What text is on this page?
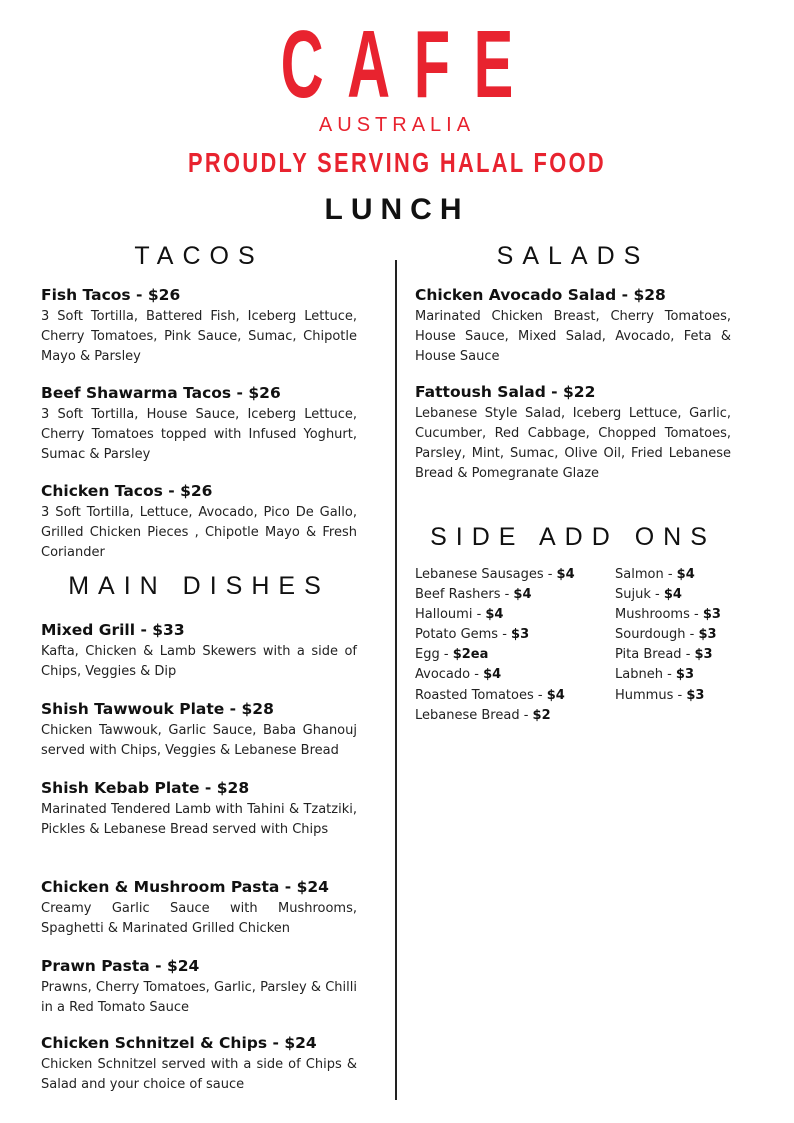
CAFE
AUSTRALIA
PROUDLY SERVING HALAL FOOD
LUNCH
TACOS
Fish Tacos - $26
3 Soft Tortilla, Battered Fish, Iceberg Lettuce, Cherry Tomatoes, Pink Sauce, Sumac, Chipotle Mayo & Parsley
Beef Shawarma Tacos - $26
3 Soft Tortilla, House Sauce, Iceberg Lettuce, Cherry Tomatoes topped with Infused Yoghurt, Sumac & Parsley
Chicken Tacos - $26
3 Soft Tortilla, Lettuce, Avocado, Pico De Gallo, Grilled Chicken Pieces , Chipotle Mayo & Fresh Coriander
MAIN DISHES
Mixed Grill - $33
Kafta, Chicken & Lamb Skewers with a side of Chips, Veggies & Dip
Shish Tawwouk Plate - $28
Chicken Tawwouk, Garlic Sauce, Baba Ghanouj served with Chips, Veggies & Lebanese Bread
Shish Kebab Plate - $28
Marinated Tendered Lamb with Tahini & Tzatziki, Pickles & Lebanese Bread served with Chips
Chicken & Mushroom Pasta - $24
Creamy Garlic Sauce with Mushrooms, Spaghetti & Marinated Grilled Chicken
Prawn Pasta - $24
Prawns, Cherry Tomatoes, Garlic, Parsley & Chilli in a Red Tomato Sauce
Chicken Schnitzel & Chips - $24
Chicken Schnitzel served with a side of Chips & Salad and your choice of sauce
SALADS
Chicken Avocado Salad - $28
Marinated Chicken Breast, Cherry Tomatoes, House Sauce, Mixed Salad, Avocado, Feta & House Sauce
Fattoush Salad - $22
Lebanese Style Salad, Iceberg Lettuce, Garlic, Cucumber, Red Cabbage, Chopped Tomatoes, Parsley, Mint, Sumac, Olive Oil, Fried Lebanese Bread & Pomegranate Glaze
SIDE ADD ONS
Lebanese Sausages - $4
Beef Rashers - $4
Halloumi - $4
Potato Gems - $3
Egg - $2ea
Avocado - $4
Roasted Tomatoes - $4
Lebanese Bread - $2
Salmon - $4
Sujuk - $4
Mushrooms - $3
Sourdough - $3
Pita Bread - $3
Labneh - $3
Hummus - $3
